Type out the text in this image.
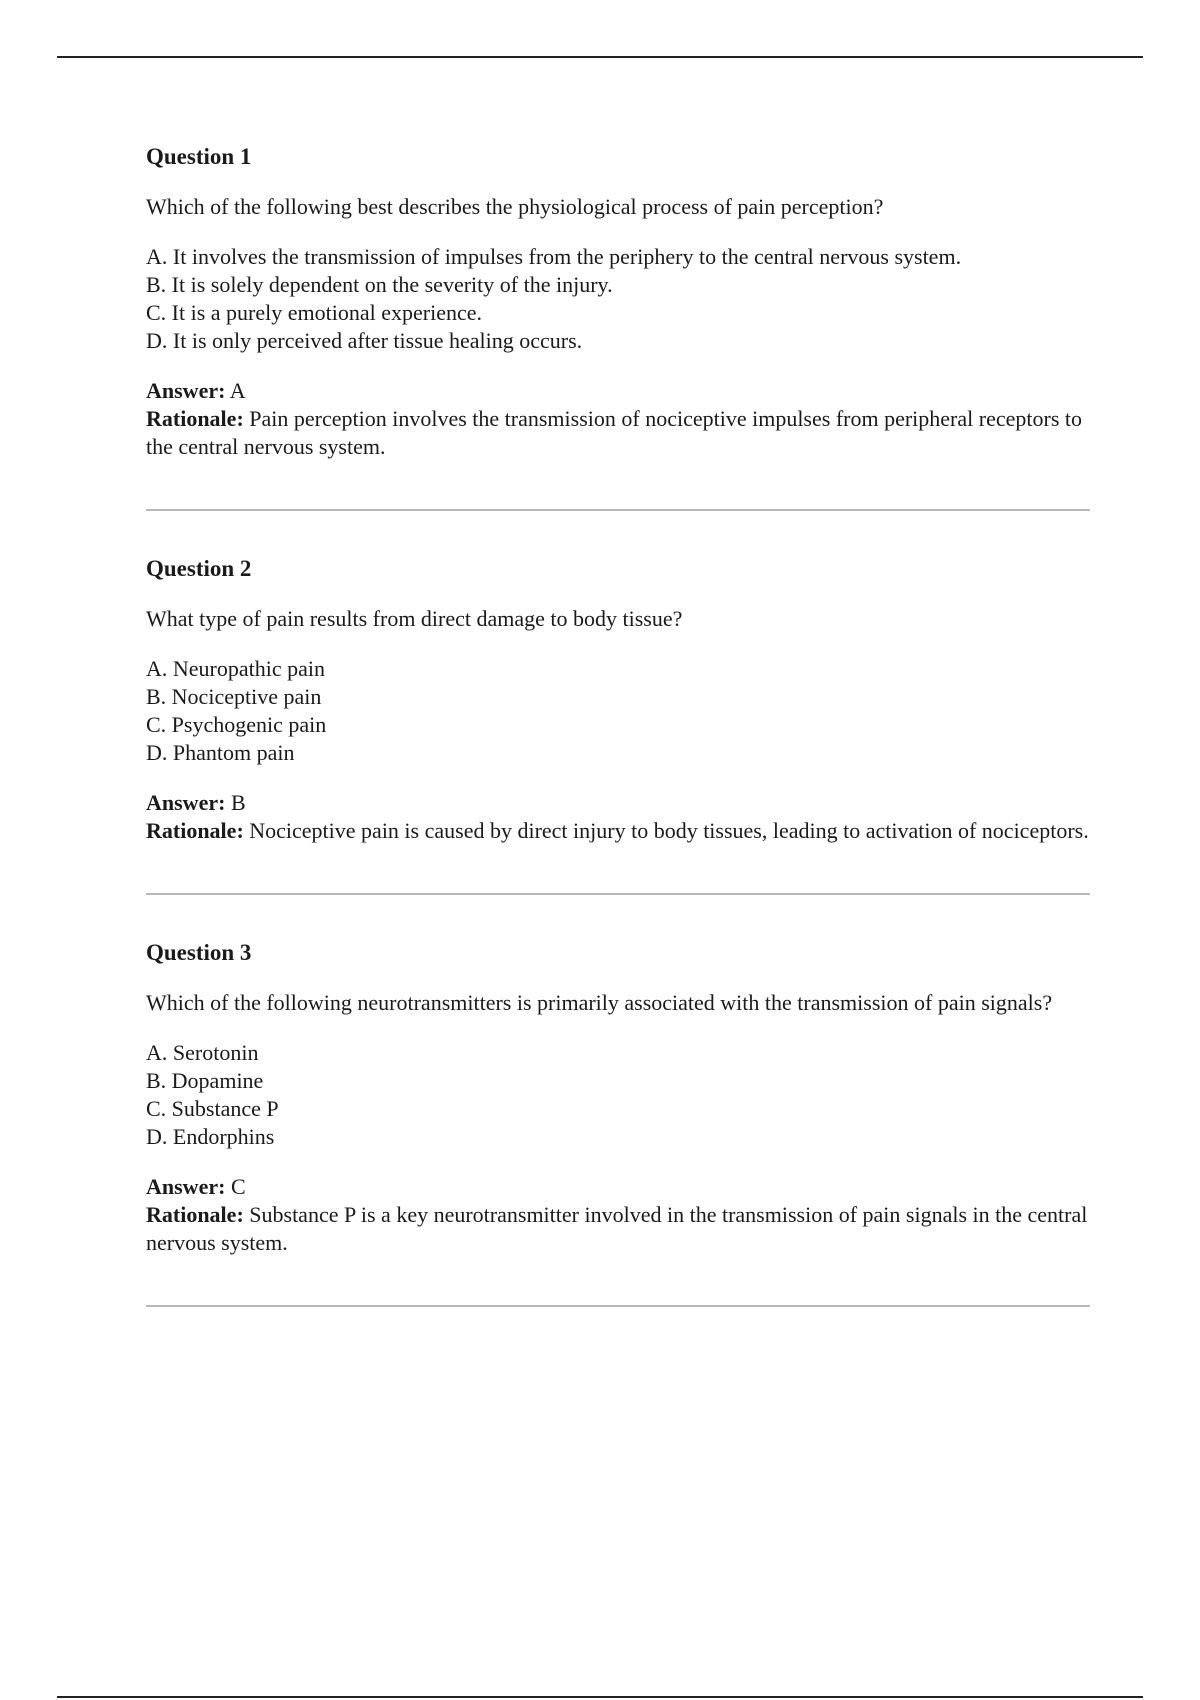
Question 1

Which of the following best describes the physiological process of pain perception?

A. It involves the transmission of impulses from the periphery to the central nervous system.
B. It is solely dependent on the severity of the injury.
C. It is a purely emotional experience.
D. It is only perceived after tissue healing occurs.

Answer: A

Rationale: Pain perception involves the transmission of nociceptive impulses from peripheral receptors to the central nervous system.

Question 2

What type of pain results from direct damage to body tissue?

A. Neuropathic pain
B. Nociceptive pain
C. Psychogenic pain
D. Phantom pain

Answer: B

Rationale: Nociceptive pain is caused by direct injury to body tissues, leading to activation of nociceptors.

Question 3

Which of the following neurotransmitters is primarily associated with the transmission of pain signals?

A. Serotonin
B. Dopamine
C. Substance P
D. Endorphins

Answer: C

Rationale: Substance P is a key neurotransmitter involved in the transmission of pain signals in the central nervous system.
